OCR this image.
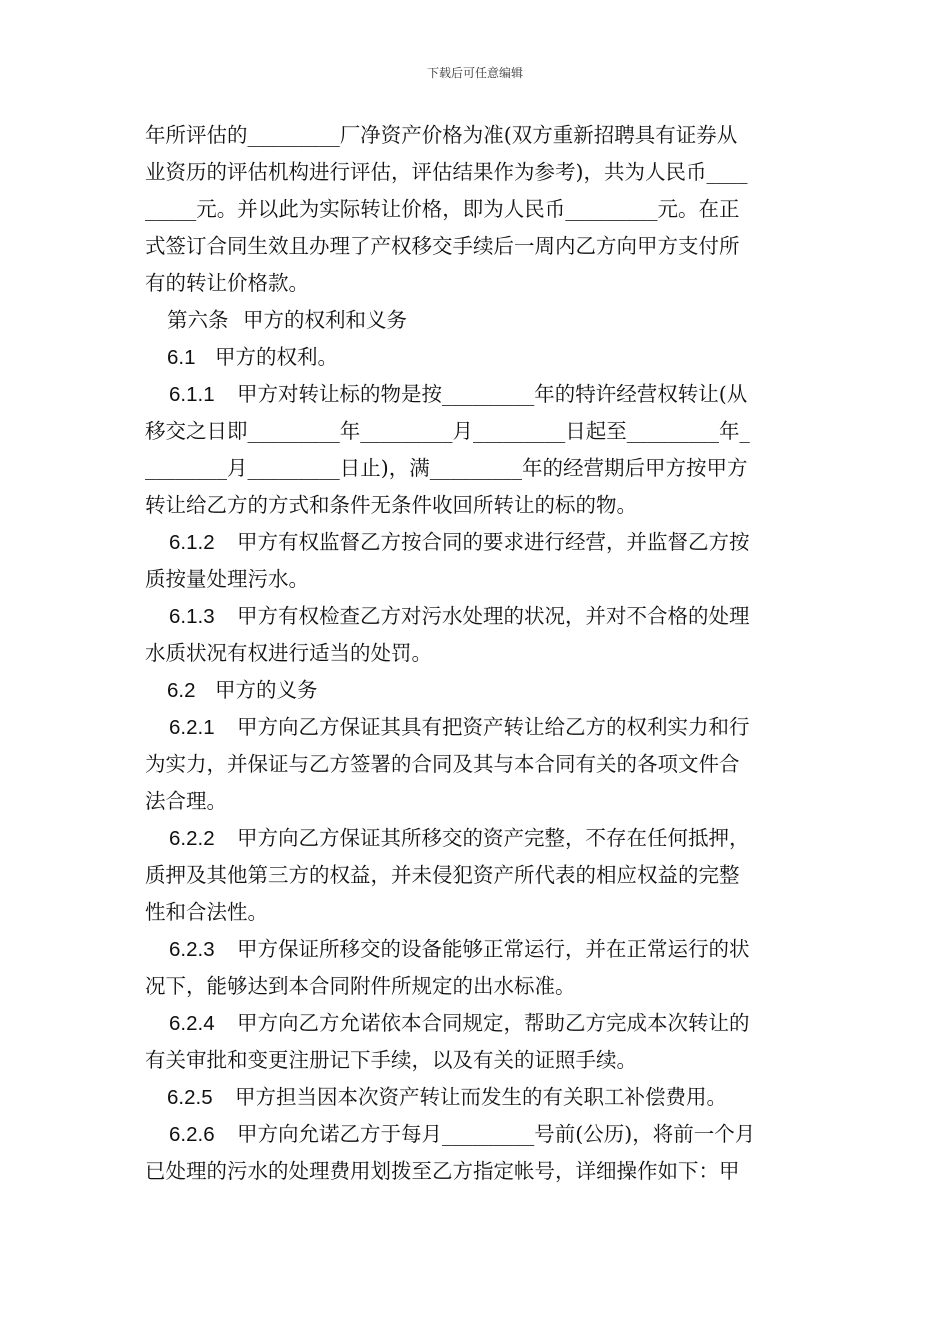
下载后可任意编辑
年所评估的_________厂净资产价格为准(双方重新招聘具有证券从
业资历的评估机构进行评估，评估结果作为参考)，共为人民币____
_____元。并以此为实际转让价格，即为人民币_________元。在正
式签订合同生效且办理了产权移交手续后一周内乙方向甲方支付所
有的转让价格款。
第六条 甲方的权利和义务
6.1 甲方的权利。
6.1.1 甲方对转让标的物是按_________年的特许经营权转让(从
移交之日即_________年_________月_________日起至_________年_
________月_________日止)，满_________年的经营期后甲方按甲方
转让给乙方的方式和条件无条件收回所转让的标的物。
6.1.2 甲方有权监督乙方按合同的要求进行经营，并监督乙方按
质按量处理污水。
6.1.3 甲方有权检查乙方对污水处理的状况，并对不合格的处理
水质状况有权进行适当的处罚。
6.2 甲方的义务
6.2.1 甲方向乙方保证其具有把资产转让给乙方的权利实力和行
为实力，并保证与乙方签署的合同及其与本合同有关的各项文件合
法合理。
6.2.2 甲方向乙方保证其所移交的资产完整，不存在任何抵押，
质押及其他第三方的权益，并未侵犯资产所代表的相应权益的完整
性和合法性。
6.2.3 甲方保证所移交的设备能够正常运行，并在正常运行的状
况下，能够达到本合同附件所规定的出水标准。
6.2.4 甲方向乙方允诺依本合同规定，帮助乙方完成本次转让的
有关审批和变更注册记下手续，以及有关的证照手续。
6.2.5 甲方担当因本次资产转让而发生的有关职工补偿费用。
6.2.6 甲方向允诺乙方于每月_________号前(公历)，将前一个月
已处理的污水的处理费用划拨至乙方指定帐号，详细操作如下：甲
